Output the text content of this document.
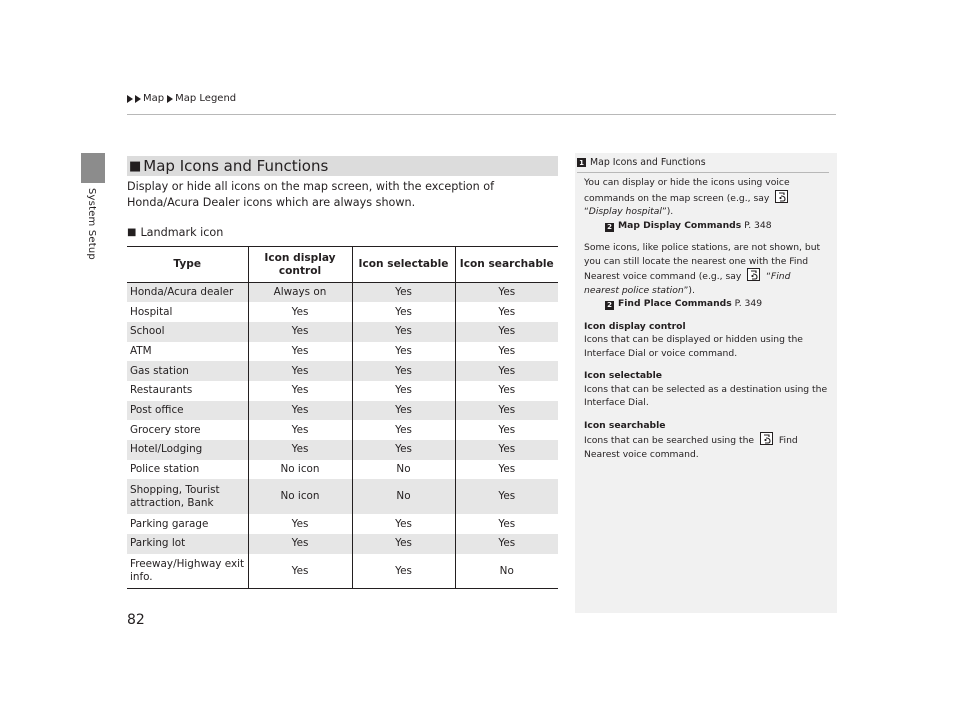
Map Map Legend
System Setup
■ Map Icons and Functions

Display or hide all icons on the map screen, with the exception of Honda/Acura Dealer icons which are always shown.

■ Landmark icon
Type	Icon display control	Icon selectable	Icon searchable
Honda/Acura dealer	Always on	Yes	Yes
Hospital	Yes	Yes	Yes
School	Yes	Yes	Yes
ATM	Yes	Yes	Yes
Gas station	Yes	Yes	Yes
Restaurants	Yes	Yes	Yes
Post office	Yes	Yes	Yes
Grocery store	Yes	Yes	Yes
Hotel/Lodging	Yes	Yes	Yes
Police station	No icon	No	Yes
Shopping, Tourist attraction, Bank	No icon	No	Yes
Parking garage	Yes	Yes	Yes
Parking lot	Yes	Yes	Yes
Freeway/Highway exit info.	Yes	Yes	No
82
1 Map Icons and Functions

You can display or hide the icons using voice commands on the map screen (e.g., say
“Display hospital”).

2 Map Display Commands P. 348

Some icons, like police stations, are not shown, but you can still locate the nearest one with the Find Nearest voice command (e.g., say	“Find nearest police station”).

2 Find Place Commands P. 349

Icon display control

Icons that can be displayed or hidden using the Interface Dial or voice command.

Icon selectable

Icons that can be selected as a destination using the Interface Dial.

Icon searchable

Icons that can be searched using the	Find Nearest voice command.
